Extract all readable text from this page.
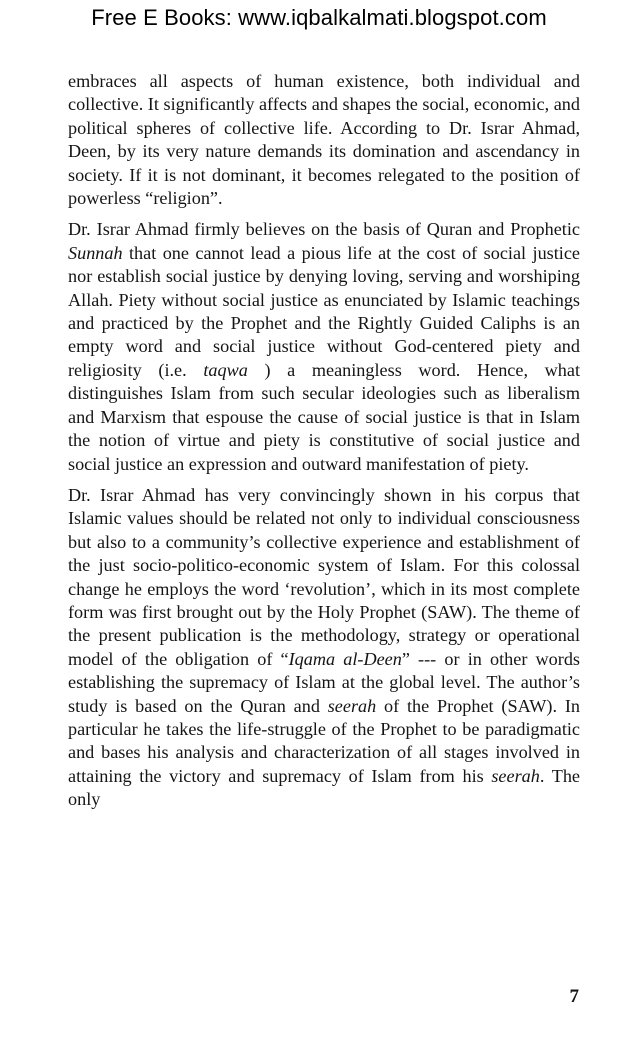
Free E Books: www.iqbalkalmati.blogspot.com

embraces all aspects of human existence, both individual and collective. It significantly affects and shapes the social, economic, and political spheres of collective life. According to Dr. Israr Ahmad, Deen, by its very nature demands its domination and ascendancy in society. If it is not dominant, it becomes relegated to the position of powerless “religion”.

Dr. Israr Ahmad firmly believes on the basis of Quran and Prophetic Sunnah that one cannot lead a pious life at the cost of social justice nor establish social justice by denying loving, serving and worshiping Allah. Piety without social justice as enunciated by Islamic teachings and practiced by the Prophet and the Rightly Guided Caliphs is an empty word and social justice without God-centered piety and religiosity (i.e. taqwa ) a meaningless word. Hence, what distinguishes Islam from such secular ideologies such as liberalism and Marxism that espouse the cause of social justice is that in Islam the notion of virtue and piety is constitutive of social justice and social justice an expression and outward manifestation of piety.

Dr. Israr Ahmad has very convincingly shown in his corpus that Islamic values should be related not only to individual consciousness but also to a community’s collective experience and establishment of the just socio-politico-economic system of Islam. For this colossal change he employs the word ‘revolution’, which in its most complete form was first brought out by the Holy Prophet (SAW). The theme of the present publication is the methodology, strategy or operational model of the obligation of “Iqama al-Deen” --- or in other words establishing the supremacy of Islam at the global level. The author’s study is based on the Quran and seerah of the Prophet (SAW). In particular he takes the life-struggle of the Prophet to be paradigmatic and bases his analysis and characterization of all stages involved in attaining the victory and supremacy of Islam from his seerah. The only

7
